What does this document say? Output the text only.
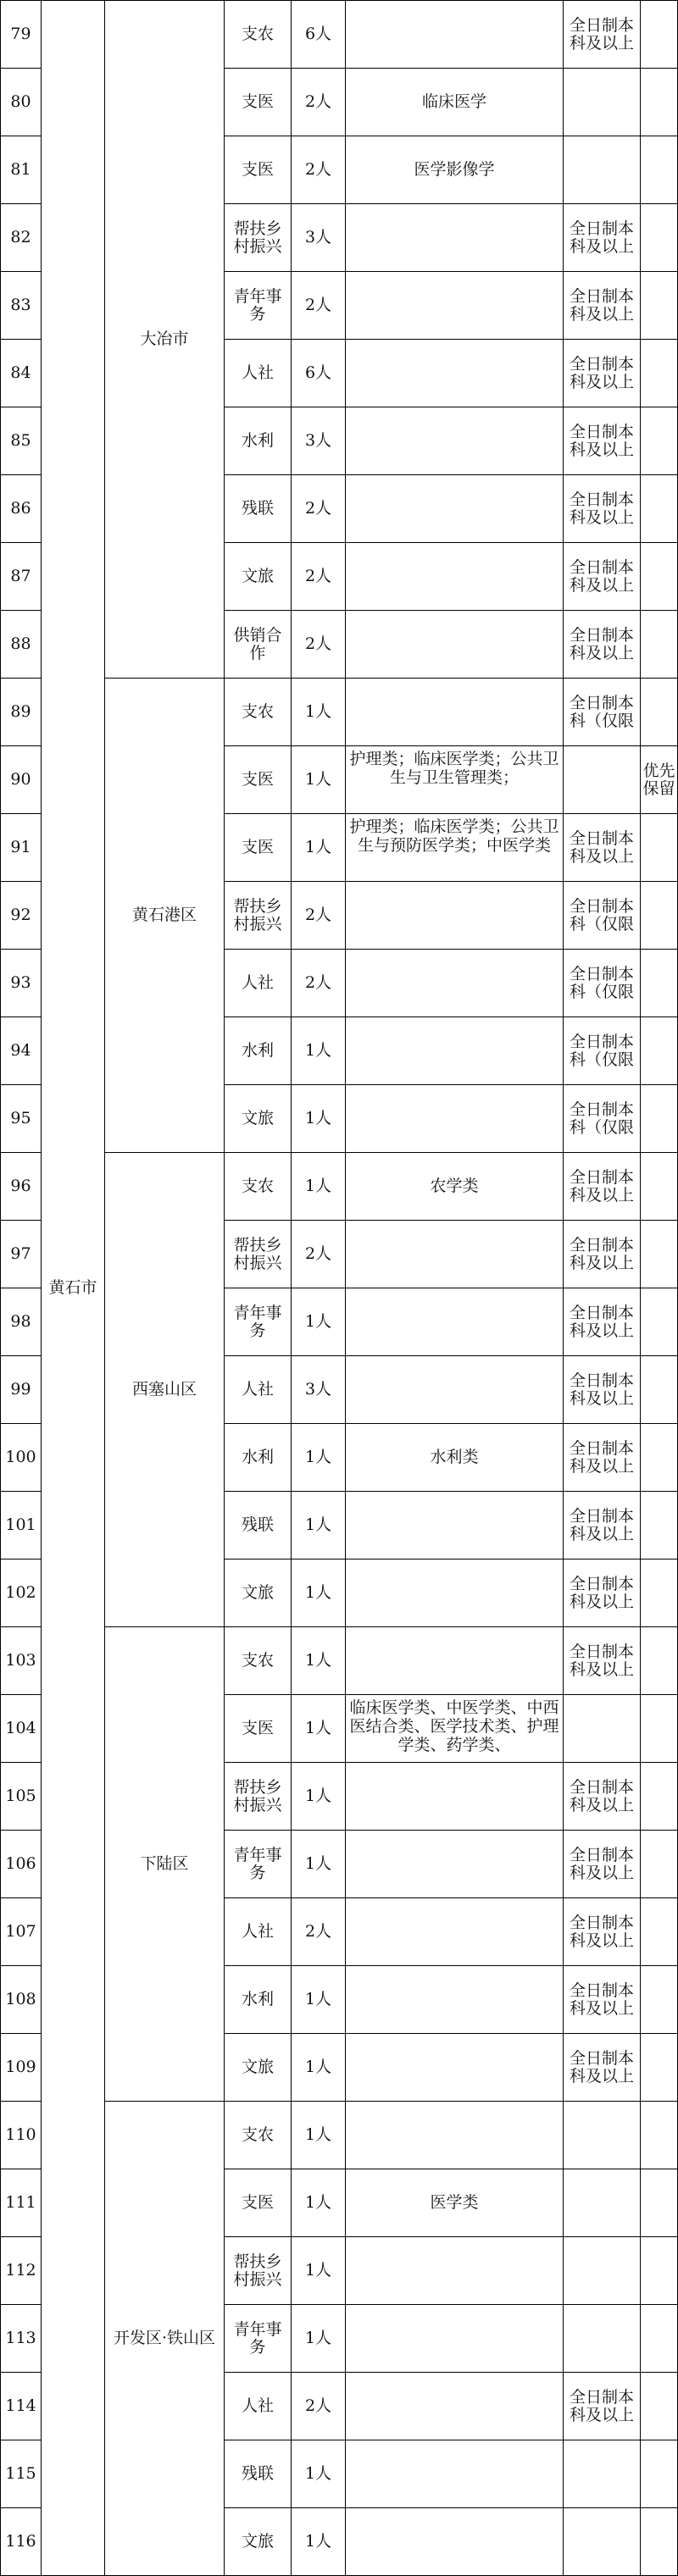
79	黄石市	大冶市	支农	6人		全日制本科及以上	
80			支医	2人	临床医学		
81			支医	2人	医学影像学		
82			帮扶乡村振兴	3人		全日制本科及以上	
83			青年事务	2人		全日制本科及以上	
84			人社	6人		全日制本科及以上	
85			水利	3人		全日制本科及以上	
86			残联	2人		全日制本科及以上	
87			文旅	2人		全日制本科及以上	
88			供销合作	2人		全日制本科及以上	
89		黄石港区	支农	1人		全日制本科（仅限	
90			支医	1人	护理类；临床医学类；公共卫生与卫生管理类；		优先保留
91			支医	1人	护理类；临床医学类；公共卫生与预防医学类；中医学类	全日制本科及以上	
92			帮扶乡村振兴	2人		全日制本科（仅限	
93			人社	2人		全日制本科（仅限	
94			水利	1人		全日制本科（仅限	
95			文旅	1人		全日制本科（仅限	
96		西塞山区	支农	1人	农学类	全日制本科及以上	
97			帮扶乡村振兴	2人		全日制本科及以上	
98			青年事务	1人		全日制本科及以上	
99			人社	3人		全日制本科及以上	
100			水利	1人	水利类	全日制本科及以上	
101			残联	1人		全日制本科及以上	
102			文旅	1人		全日制本科及以上	
103		下陆区	支农	1人		全日制本科及以上	
104			支医	1人	临床医学类、中医学类、中西医结合类、医学技术类、护理学类、药学类、		
105			帮扶乡村振兴	1人		全日制本科及以上	
106			青年事务	1人		全日制本科及以上	
107			人社	2人		全日制本科及以上	
108			水利	1人		全日制本科及以上	
109			文旅	1人		全日制本科及以上	
110		开发区·铁山区	支农	1人			
111			支医	1人	医学类		
112			帮扶乡村振兴	1人			
113			青年事务	1人			
114			人社	2人		全日制本科及以上	
115			残联	1人			
116			文旅	1人			
